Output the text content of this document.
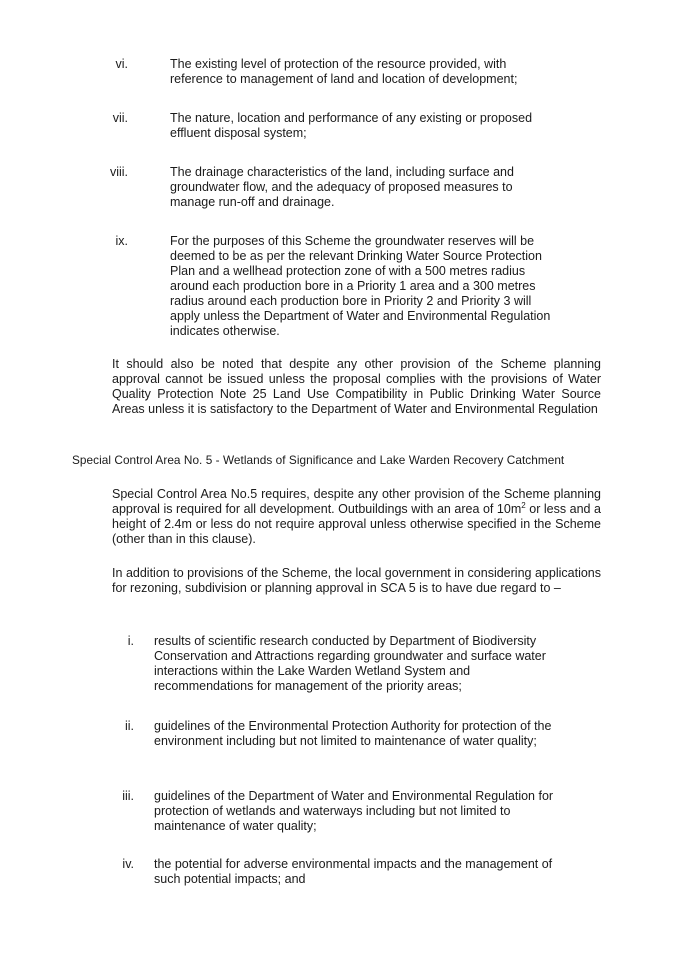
vi.	The existing level of protection of the resource provided, with reference to management of land and location of development;
vii.	The nature, location and performance of any existing or proposed effluent disposal system;
viii.	The drainage characteristics of the land, including surface and groundwater flow, and the adequacy of proposed measures to manage run-off and drainage.
ix.	For the purposes of this Scheme the groundwater reserves will be deemed to be as per the relevant Drinking Water Source Protection Plan and a wellhead protection zone of with a 500 metres radius around each production bore in a Priority 1 area and a 300 metres radius around each production bore in Priority 2 and Priority 3 will apply unless the Department of Water and Environmental Regulation indicates otherwise.
It should also be noted that despite any other provision of the Scheme planning approval cannot be issued unless the proposal complies with the provisions of Water Quality Protection Note 25 Land Use Compatibility in Public Drinking Water Source Areas unless it is satisfactory to the Department of Water and Environmental Regulation
Special Control Area No. 5 - Wetlands of Significance and Lake Warden Recovery Catchment
Special Control Area No.5 requires, despite any other provision of the Scheme planning approval is required for all development. Outbuildings with an area of $10m^2$ or less and a height of 2.4m or less do not require approval unless otherwise specified in the Scheme (other than in this clause).
In addition to provisions of the Scheme, the local government in considering applications for rezoning, subdivision or planning approval in SCA 5 is to have due regard to –
i. results of scientific research conducted by Department of Biodiversity Conservation and Attractions regarding groundwater and surface water interactions within the Lake Warden Wetland System and recommendations for management of the priority areas;
ii. guidelines of the Environmental Protection Authority for protection of the environment including but not limited to maintenance of water quality;
iii. guidelines of the Department of Water and Environmental Regulation for protection of wetlands and waterways including but not limited to maintenance of water quality;
iv. the potential for adverse environmental impacts and the management of such potential impacts; and
